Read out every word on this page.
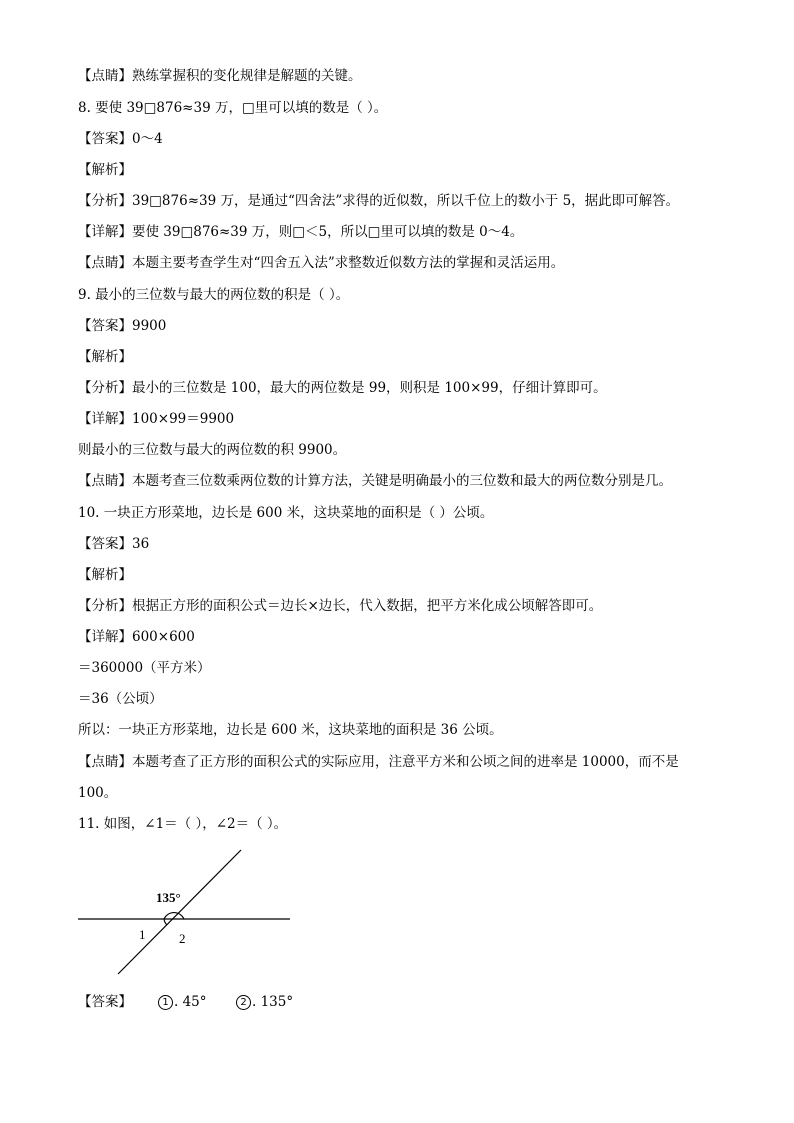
【点睛】熟练掌握积的变化规律是解题的关键。
8. 要使 39□876≈39 万，□里可以填的数是（ ）。
【答案】0～4
【解析】
【分析】39□876≈39 万，是通过“四舍法”求得的近似数，所以千位上的数小于 5，据此即可解答。
【详解】要使 39□876≈39 万，则□＜5，所以□里可以填的数是 0～4。
【点睛】本题主要考查学生对“四舍五入法”求整数近似数方法的掌握和灵活运用。
9. 最小的三位数与最大的两位数的积是（ ）。
【答案】9900
【解析】
【分析】最小的三位数是 100，最大的两位数是 99，则积是 100×99，仔细计算即可。
【详解】100×99＝9900
则最小的三位数与最大的两位数的积 9900。
【点睛】本题考查三位数乘两位数的计算方法，关键是明确最小的三位数和最大的两位数分别是几。
10. 一块正方形菜地，边长是 600 米，这块菜地的面积是（ ）公顷。
【答案】36
【解析】
【分析】根据正方形的面积公式＝边长×边长，代入数据，把平方米化成公顷解答即可。
【详解】600×600
＝360000（平方米）
＝36（公顷）
所以：一块正方形菜地，边长是 600 米，这块菜地的面积是 36 公顷。
【点睛】本题考查了正方形的面积公式的实际应用，注意平方米和公顷之间的进率是 10000，而不是
100。
11. 如图，∠1＝（ ），∠2＝（ ）。
135°
1	2
【答案】	1 . 45°	2 . 135°
